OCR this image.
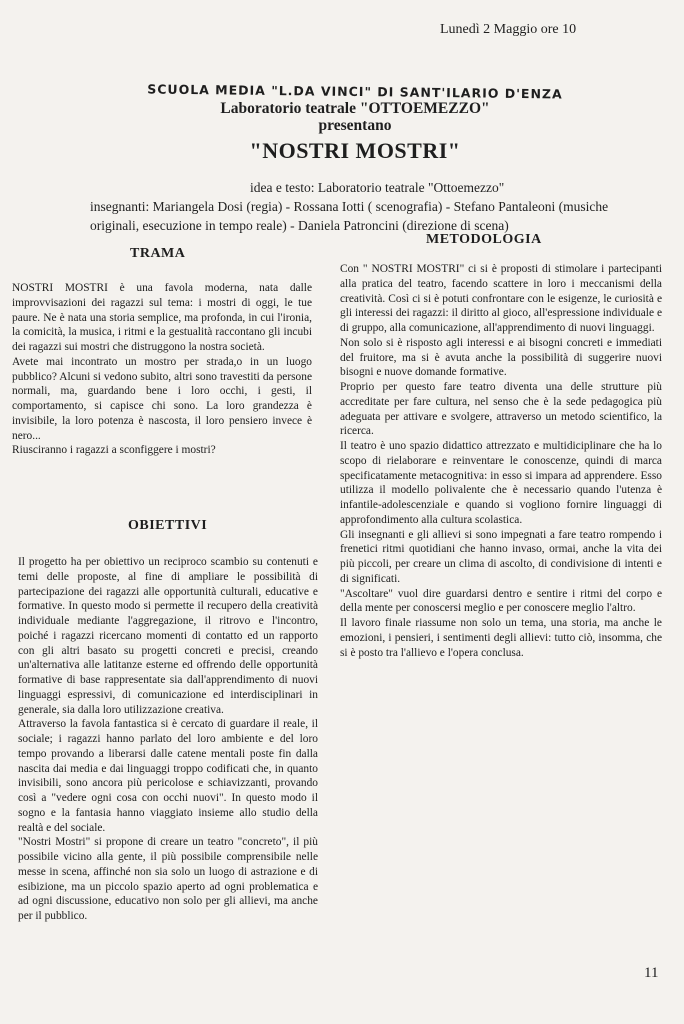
Lunedì 2 Maggio ore 10
SCUOLA MEDIA "L.DA VINCI" DI SANT'ILARIO D'ENZA
Laboratorio teatrale "OTTOEMEZZO"
presentano
"NOSTRI MOSTRI"
idea e testo: Laboratorio teatrale "Ottoemezzo"
insegnanti: Mariangela Dosi (regia) - Rossana Iotti ( scenografia) - Stefano Pantaleoni (musiche
originali, esecuzione in tempo reale) - Daniela Patroncini (direzione di scena)
TRAMA
METODOLOGIA
OBIETTIVI

NOSTRI MOSTRI è una favola moderna, nata dalle improvvisazioni dei ragazzi sul tema: i mostri di oggi, le tue paure. Ne è nata una storia semplice, ma profonda, in cui l'ironia, la comicità, la musica, i ritmi e la gestualità raccontano gli incubi dei ragazzi sui mostri che distruggono la nostra società.

Avete mai incontrato un mostro per strada,o in un luogo pubblico? Alcuni si vedono subito, altri sono travestiti da persone normali, ma, guardando bene i loro occhi, i gesti, il comportamento, si capisce chi sono. La loro grandezza è invisibile, la loro potenza è nascosta, il loro pensiero invece è nero...

Riusciranno i ragazzi a sconfiggere i mostri?

Il progetto ha per obiettivo un reciproco scambio su contenuti e temi delle proposte, al fine di ampliare le possibilità di partecipazione dei ragazzi alle opportunità culturali, educative e formative. In questo modo si permette il recupero della creatività individuale mediante l'aggregazione, il ritrovo e l'incontro, poiché i ragazzi ricercano momenti di contatto ed un rapporto con gli altri basato su progetti concreti e precisi, creando un'alternativa alle latitanze esterne ed offrendo delle opportunità formative di base rappresentate sia dall'apprendimento di nuovi linguaggi espressivi, di comunicazione ed interdisciplinari in generale, sia dalla loro utilizzazione creativa.

Attraverso la favola fantastica si è cercato di guardare il reale, il sociale; i ragazzi hanno parlato del loro ambiente e del loro tempo provando a liberarsi dalle catene mentali poste fin dalla nascita dai media e dai linguaggi troppo codificati che, in quanto invisibili, sono ancora più pericolose e schiavizzanti, provando così a "vedere ogni cosa con occhi nuovi". In questo modo il sogno e la fantasia hanno viaggiato insieme allo studio della realtà e del sociale.

"Nostri Mostri" si propone di creare un teatro "concreto", il più possibile vicino alla gente, il più possibile comprensibile nelle messe in scena, affinché non sia solo un luogo di astrazione e di esibizione, ma un piccolo spazio aperto ad ogni problematica e ad ogni discussione, educativo non solo per gli allievi, ma anche per il pubblico.

Con " NOSTRI MOSTRI" ci si è proposti di stimolare i partecipanti alla pratica del teatro, facendo scattere in loro i meccanismi della creatività. Così ci si è potuti confrontare con le esigenze, le curiosità e gli interessi dei ragazzi: il diritto al gioco, all'espressione individuale e di gruppo, alla comunicazione, all'apprendimento di nuovi linguaggi.

Non solo si è risposto agli interessi e ai bisogni concreti e immediati del fruitore, ma si è avuta anche la possibilità di suggerire nuovi bisogni e nuove domande formative.

Proprio per questo fare teatro diventa una delle strutture più accreditate per fare cultura, nel senso che è la sede pedagogica più adeguata per attivare e svolgere, attraverso un metodo scientifico, la ricerca.

Il teatro è uno spazio didattico attrezzato e multidiciplinare che ha lo scopo di rielaborare e reinventare le conoscenze, quindi di marca specificatamente metacognitiva: in esso si impara ad apprendere. Esso utilizza il modello polivalente che è necessario quando l'utenza è infantile-adolescenziale e quando si vogliono fornire linguaggi di approfondimento alla cultura scolastica.

Gli insegnanti e gli allievi si sono impegnati a fare teatro rompendo i frenetici ritmi quotidiani che hanno invaso, ormai, anche la vita dei più piccoli, per creare un clima di ascolto, di condivisione di intenti e di significati.

"Ascoltare" vuol dire guardarsi dentro e sentire i ritmi del corpo e della mente per conoscersi meglio e per conoscere meglio l'altro.

Il lavoro finale riassume non solo un tema, una storia, ma anche le emozioni, i pensieri, i sentimenti degli allievi: tutto ciò, insomma, che si è posto tra l'allievo e l'opera conclusa.

11
